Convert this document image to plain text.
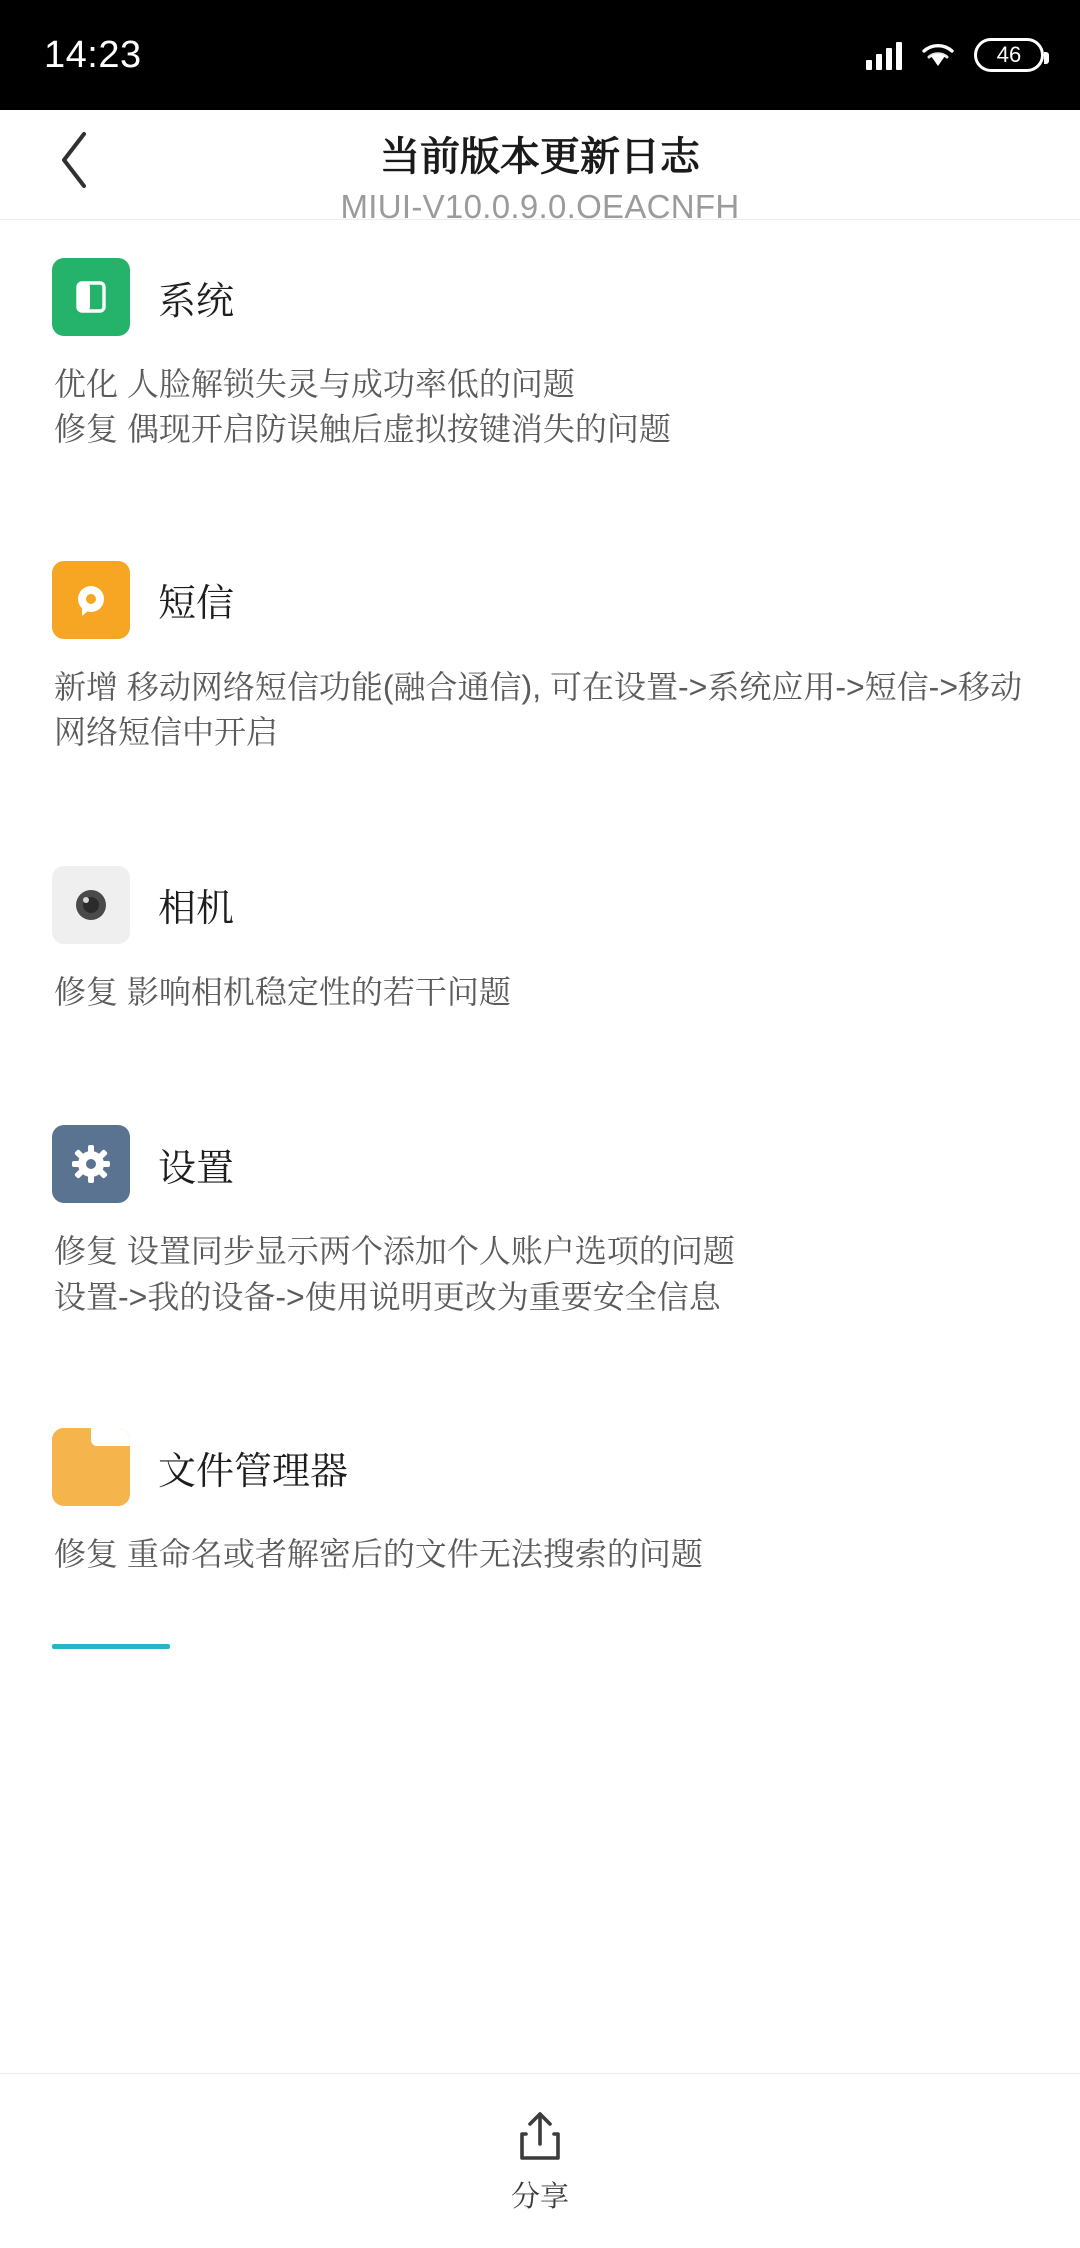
14:23	46
当前版本更新日志
MIUI-V10.0.9.0.OEACNFH
系统
优化 人脸解锁失灵与成功率低的问题
修复 偶现开启防误触后虚拟按键消失的问题
短信
新增 移动网络短信功能(融合通信), 可在设置->系统应用->短信->移动网络短信中开启
相机
修复 影响相机稳定性的若干问题
设置
修复 设置同步显示两个添加个人账户选项的问题
设置->我的设备->使用说明更改为重要安全信息
文件管理器
修复 重命名或者解密后的文件无法搜索的问题
分享
